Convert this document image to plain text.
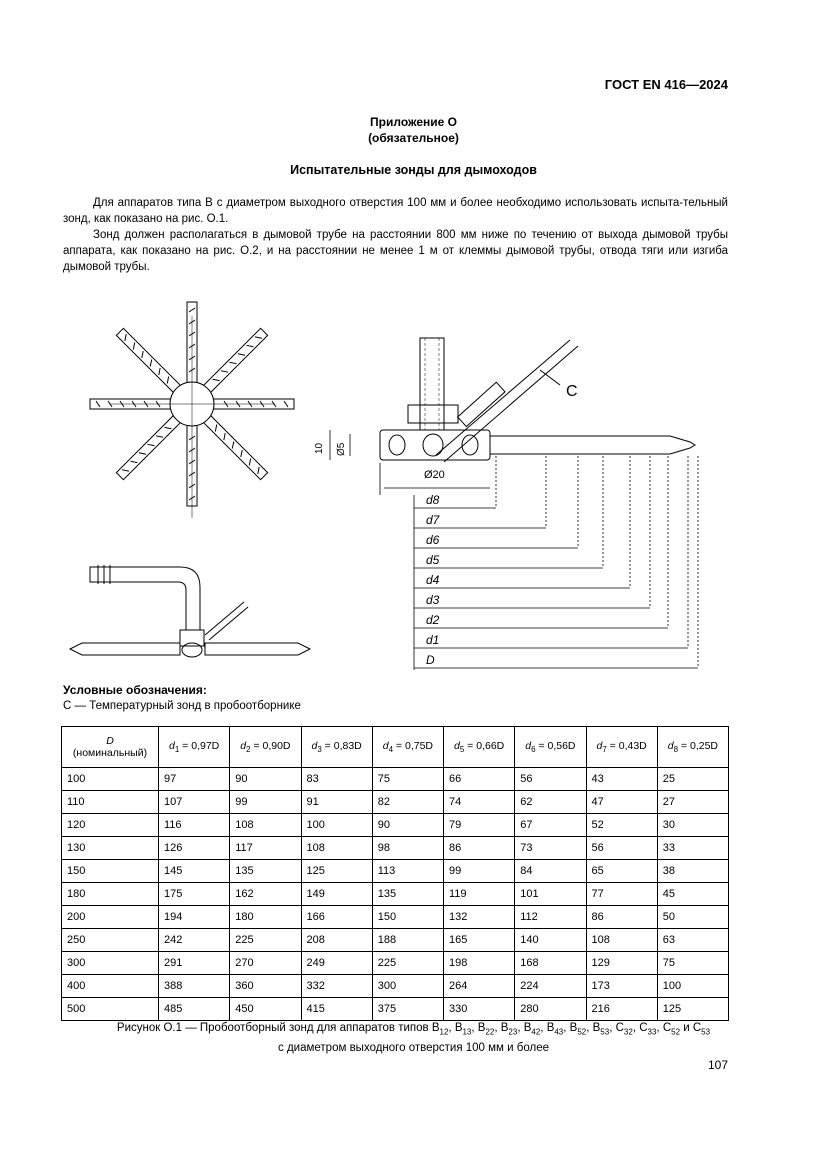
ГОСТ EN 416—2024
Приложение О
(обязательное)
Испытательные зонды для дымоходов
Для аппаратов типа В с диаметром выходного отверстия 100 мм и более необходимо использовать испыта-тельный зонд, как показано на рис. О.1.
Зонд должен располагаться в дымовой трубе на расстоянии 800 мм ниже по течению от выхода дымовой трубы аппарата, как показано на рис. О.2, и на расстоянии не менее 1 м от клеммы дымовой трубы, отвода тяги или изгиба дымовой трубы.
C
10 Ø5
Ø20
d8
d7
d6
d5
d4
d3
d2
d1
D
Условные обозначения:
С — Температурный зонд в пробоотборнике
D
(номинальный)	$d_1 = 0,97D$	$d_2 = 0,90D$	$d_3 = 0,83D$	$d_4 = 0,75D$	$d_5 = 0,66D$	$d_6 = 0,56D$	$d_7 = 0,43D$	$d_8 = 0,25D$
100	97	90	83	75	66	56	43	25
110	107	99	91	82	74	62	47	27
120	116	108	100	90	79	67	52	30
130	126	117	108	98	86	73	56	33
150	145	135	125	113	99	84	65	38
180	175	162	149	135	119	101	77	45
200	194	180	166	150	132	112	86	50
250	242	225	208	188	165	140	108	63
300	291	270	249	225	198	168	129	75
400	388	360	332	300	264	224	173	100
500	485	450	415	375	330	280	216	125
Рисунок О.1 — Пробоотборный зонд для аппаратов типов $B_{12}$, $B_{13}$, $B_{22}$, $B_{23}$, $B_{42}$, $B_{43}$, $B_{52}$, $B_{53}$, $C_{32}$, $C_{33}$, $C_{52}$ и $C_{53}$
с диаметром выходного отверстия 100 мм и более
107
